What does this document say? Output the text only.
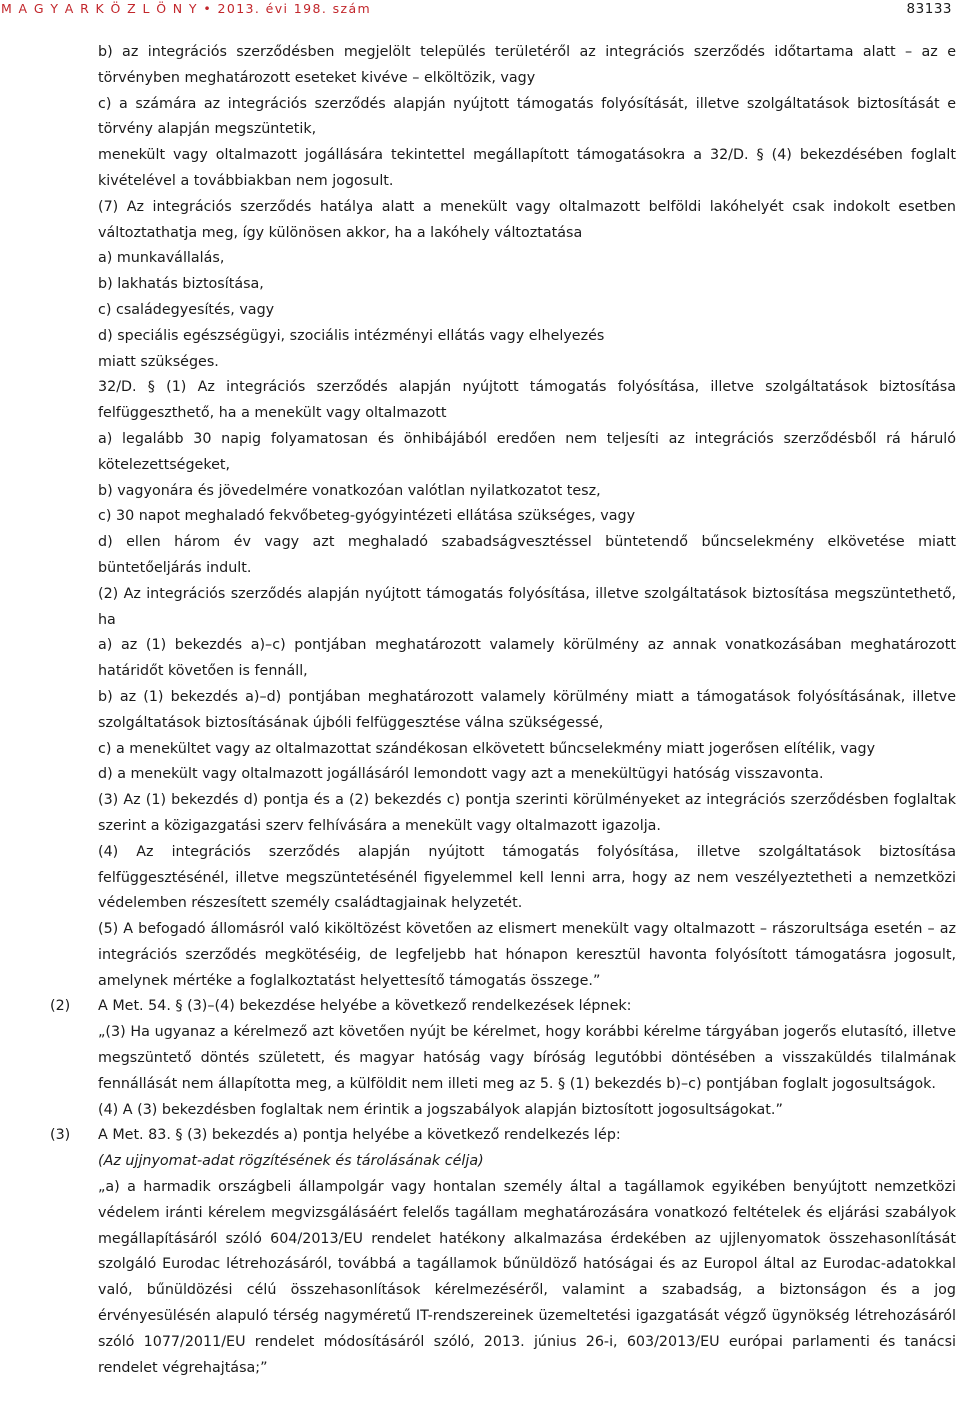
M A G Y A R K Ö Z L Ö N Y • 2013. évi 198. szám	83133

b) az integrációs szerződésben megjelölt település területéről az integrációs szerződés időtartama alatt – az e törvényben meghatározott eseteket kivéve – elköltözik, vagy

c) a számára az integrációs szerződés alapján nyújtott támogatás folyósítását, illetve szolgáltatások biztosítását e törvény alapján megszüntetik,

menekült vagy oltalmazott jogállására tekintettel megállapított támogatásokra a 32/D. § (4) bekezdésében foglalt kivételével a továbbiakban nem jogosult.

(7) Az integrációs szerződés hatálya alatt a menekült vagy oltalmazott belföldi lakóhelyét csak indokolt esetben változtathatja meg, így különösen akkor, ha a lakóhely változtatása

a) munkavállalás,

b) lakhatás biztosítása,

c) családegyesítés, vagy

d) speciális egészségügyi, szociális intézményi ellátás vagy elhelyezés

miatt szükséges.

32/D. § (1) Az integrációs szerződés alapján nyújtott támogatás folyósítása, illetve szolgáltatások biztosítása felfüggeszthető, ha a menekült vagy oltalmazott

a) legalább 30 napig folyamatosan és önhibájából eredően nem teljesíti az integrációs szerződésből rá háruló kötelezettségeket,

b) vagyonára és jövedelmére vonatkozóan valótlan nyilatkozatot tesz,

c) 30 napot meghaladó fekvőbeteg-gyógyintézeti ellátása szükséges, vagy

d) ellen három év vagy azt meghaladó szabadságvesztéssel büntetendő bűncselekmény elkövetése miatt büntetőeljárás indult.

(2) Az integrációs szerződés alapján nyújtott támogatás folyósítása, illetve szolgáltatások biztosítása megszüntethető, ha

a) az (1) bekezdés a)–c) pontjában meghatározott valamely körülmény az annak vonatkozásában meghatározott határidőt követően is fennáll,

b) az (1) bekezdés a)–d) pontjában meghatározott valamely körülmény miatt a támogatások folyósításának, illetve szolgáltatások biztosításának újbóli felfüggesztése válna szükségessé,

c) a menekültet vagy az oltalmazottat szándékosan elkövetett bűncselekmény miatt jogerősen elítélik, vagy

d) a menekült vagy oltalmazott jogállásáról lemondott vagy azt a menekültügyi hatóság visszavonta.

(3) Az (1) bekezdés d) pontja és a (2) bekezdés c) pontja szerinti körülményeket az integrációs szerződésben foglaltak szerint a közigazgatási szerv felhívására a menekült vagy oltalmazott igazolja.

(4) Az integrációs szerződés alapján nyújtott támogatás folyósítása, illetve szolgáltatások biztosítása felfüggesztésénél, illetve megszüntetésénél figyelemmel kell lenni arra, hogy az nem veszélyeztetheti a nemzetközi védelemben részesített személy családtagjainak helyzetét.

(5) A befogadó állomásról való kiköltözést követően az elismert menekült vagy oltalmazott – rászorultsága esetén – az integrációs szerződés megkötéséig, de legfeljebb hat hónapon keresztül havonta folyósított támogatásra jogosult, amelynek mértéke a foglalkoztatást helyettesítő támogatás összege.”

(2) A Met. 54. § (3)–(4) bekezdése helyébe a következő rendelkezések lépnek:

„(3) Ha ugyanaz a kérelmező azt követően nyújt be kérelmet, hogy korábbi kérelme tárgyában jogerős elutasító, illetve megszüntető döntés született, és magyar hatóság vagy bíróság legutóbbi döntésében a visszaküldés tilalmának fennállását nem állapította meg, a külföldit nem illeti meg az 5. § (1) bekezdés b)–c) pontjában foglalt jogosultságok.

(4) A (3) bekezdésben foglaltak nem érintik a jogszabályok alapján biztosított jogosultságokat.”

(3) A Met. 83. § (3) bekezdés a) pontja helyébe a következő rendelkezés lép:

(Az ujjnyomat-adat rögzítésének és tárolásának célja)

„a) a harmadik országbeli állampolgár vagy hontalan személy által a tagállamok egyikében benyújtott nemzetközi védelem iránti kérelem megvizsgálásáért felelős tagállam meghatározására vonatkozó feltételek és eljárási szabályok megállapításáról szóló 604/2013/EU rendelet hatékony alkalmazása érdekében az ujjlenyomatok összehasonlítását szolgáló Eurodac létrehozásáról, továbbá a tagállamok bűnüldöző hatóságai és az Europol által az Eurodac-adatokkal való, bűnüldözési célú összehasonlítások kérelmezéséről, valamint a szabadság, a biztonságon és a jog érvényesülésén alapuló térség nagyméretű IT-rendszereinek üzemeltetési igazgatását végző ügynökség létrehozásáról szóló 1077/2011/EU rendelet módosításáról szóló, 2013. június 26-i, 603/2013/EU európai parlamenti és tanácsi rendelet végrehajtása;”
